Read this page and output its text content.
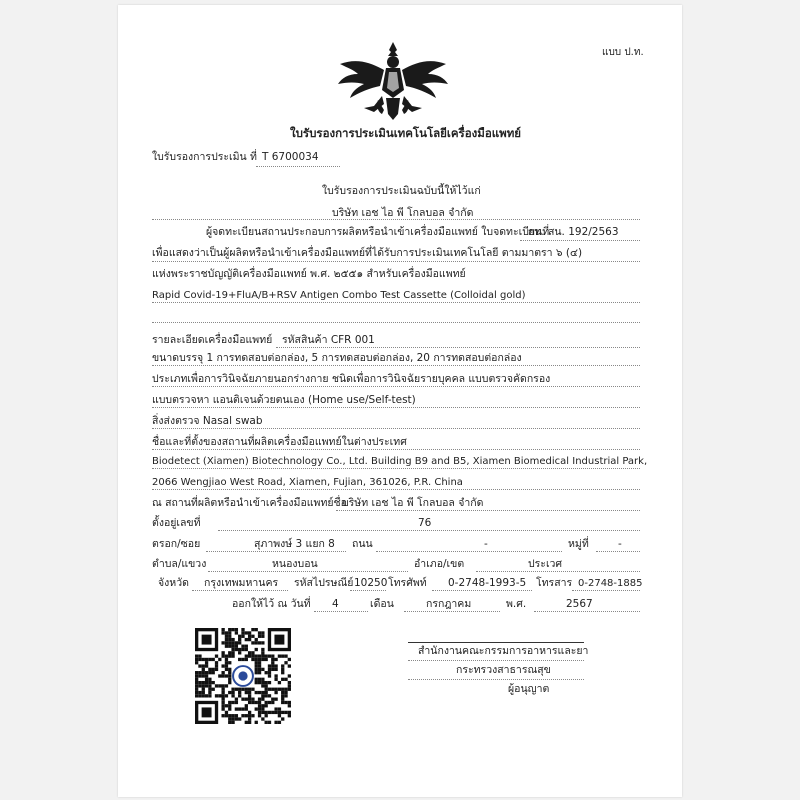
แบบ ป.ท.
ใบรับรองการประเมินเทคโนโลยีเครื่องมือแพทย์
ใบรับรองการประเมิน ที่ T 6700034
ใบรับรองการประเมินฉบับนี้ให้ไว้แก่
บริษัท เอช ไอ พี โกลบอล จำกัด
ผู้จดทะเบียนสถานประกอบการผลิตหรือนำเข้าเครื่องมือแพทย์ ใบจดทะเบียนที่
กท. สน. 192/2563
เพื่อแสดงว่าเป็นผู้ผลิตหรือนำเข้าเครื่องมือแพทย์ที่ได้รับการประเมินเทคโนโลยี ตามมาตรา ๖ (๔)
แห่งพระราชบัญญัติเครื่องมือแพทย์ พ.ศ. ๒๕๕๑ สำหรับเครื่องมือแพทย์
Rapid Covid-19+FluA/B+RSV Antigen Combo Test Cassette (Colloidal gold)
รายละเอียดเครื่องมือแพทย์ รหัสสินค้า CFR 001
ขนาดบรรจุ 1 การทดสอบต่อกล่อง, 5 การทดสอบต่อกล่อง, 20 การทดสอบต่อกล่อง
ประเภทเพื่อการวินิจฉัยภายนอกร่างกาย ชนิดเพื่อการวินิจฉัยรายบุคคล แบบตรวจคัดกรอง
แบบตรวจหา แอนติเจนด้วยตนเอง (Home use/Self-test)
สิ่งส่งตรวจ Nasal swab
ชื่อและที่ตั้งของสถานที่ผลิตเครื่องมือแพทย์ในต่างประเทศ
Biodetect (Xiamen) Biotechnology Co., Ltd. Building B9 and B5, Xiamen Biomedical Industrial Park,
2066 Wengjiao West Road, Xiamen, Fujian, 361026, P.R. China
ณ สถานที่ผลิตหรือนำเข้าเครื่องมือแพทย์ชื่อ
บริษัท เอช ไอ พี โกลบอล จำกัด
ตั้งอยู่เลขที่	76
ตรอก/ซอย	สุภาพงษ์ 3 แยก 8 ถนน	-	หมู่ที่	-
ตำบล/แขวง	หนองบอน	อำเภอ/เขต	ประเวศ
จังหวัด กรุงเทพมหานคร รหัสไปรษณีย์ 10250 โทรศัพท์ 0-2748-1993-5 โทรสาร 0-2748-1885
ออกให้ไว้ ณ วันที่ 4	เดือน	กรกฎาคม	พ.ศ.	2567
สำนักงานคณะกรรมการอาหารและยา
กระทรวงสาธารณสุข
ผู้อนุญาต
